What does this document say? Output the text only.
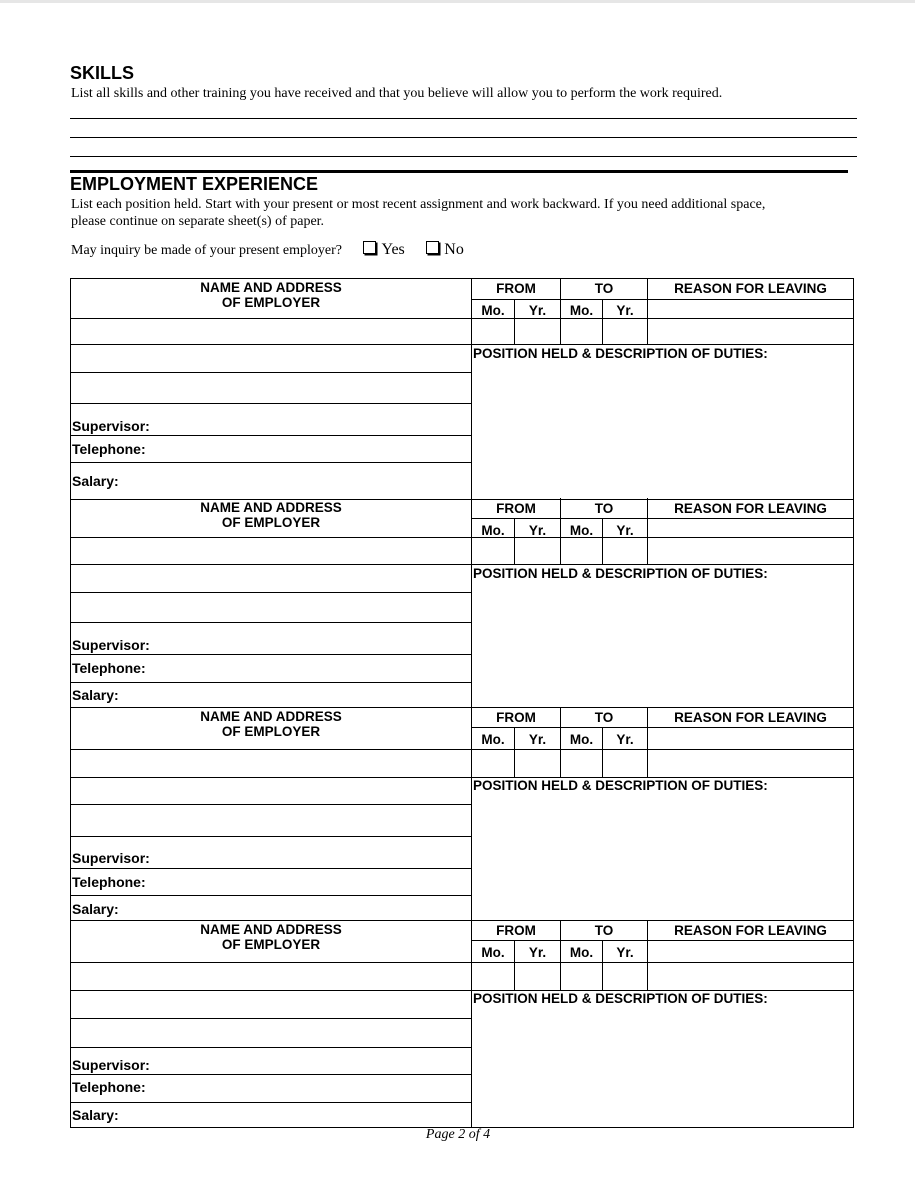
SKILLS

List all skills and other training you have received and that you believe will allow you to perform the work required.

EMPLOYMENT EXPERIENCE

List each position held. Start with your present or most recent assignment and work backward. If you need additional space,

please continue on separate sheet(s) of paper.

May inquiry be made of your present employer? Yes No
NAME AND ADDRESS
OF EMPLOYER
FROM	TO	REASON FOR LEAVING
Mo.	Yr.	Mo.	Yr.
POSITION HELD & DESCRIPTION OF DUTIES:
Supervisor:
Telephone:
Salary:
NAME AND ADDRESS
OF EMPLOYER
FROM	TO	REASON FOR LEAVING
Mo.	Yr.	Mo.	Yr.
POSITION HELD & DESCRIPTION OF DUTIES:
Supervisor:
Telephone:
Salary:
NAME AND ADDRESS
OF EMPLOYER
FROM	TO	REASON FOR LEAVING
Mo.	Yr.	Mo.	Yr.
POSITION HELD & DESCRIPTION OF DUTIES:
Supervisor:
Telephone:
Salary:
NAME AND ADDRESS
OF EMPLOYER
FROM	TO	REASON FOR LEAVING
Mo.	Yr.	Mo.	Yr.
POSITION HELD & DESCRIPTION OF DUTIES:
Supervisor:
Telephone:
Salary:
Page 2 of 4
